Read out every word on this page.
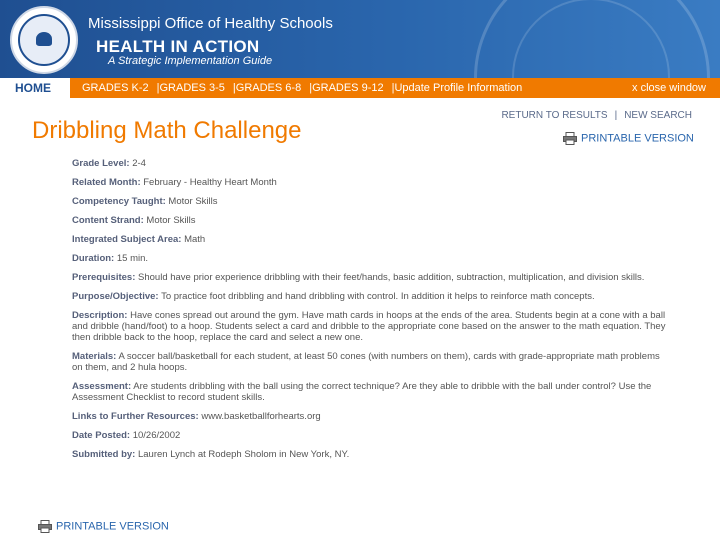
Mississippi Office of Healthy Schools
HEALTH IN ACTION
A Strategic Implementation Guide
HOME	GRADES K-2 |GRADES 3-5 |GRADES 6-8 |GRADES 9-12 |Update Profile Information	x close window
RETURN TO RESULTS | NEW SEARCH
PRINTABLE VERSION
Dribbling Math Challenge
Grade Level: 2-4
Related Month: February - Healthy Heart Month
Competency Taught: Motor Skills
Content Strand: Motor Skills
Integrated Subject Area: Math
Duration: 15 min.
Prerequisites: Should have prior experience dribbling with their feet/hands, basic addition, subtraction, multiplication, and division skills.
Purpose/Objective: To practice foot dribbling and hand dribbling with control. In addition it helps to reinforce math concepts.
Description: Have cones spread out around the gym. Have math cards in hoops at the ends of the area. Students begin at a cone with a ball and dribble (hand/foot) to a hoop. Students select a card and dribble to the appropriate cone based on the answer to the math equation. They then dribble back to the hoop, replace the card and select a new one.
Materials: A soccer ball/basketball for each student, at least 50 cones (with numbers on them), cards with grade-appropriate math problems on them, and 2 hula hoops.
Assessment: Are students dribbling with the ball using the correct technique? Are they able to dribble with the ball under control? Use the Assessment Checklist to record student skills.
Links to Further Resources: www.basketballforhearts.org
Date Posted: 10/26/2002
Submitted by: Lauren Lynch at Rodeph Sholom in New York, NY.
PRINTABLE VERSION
